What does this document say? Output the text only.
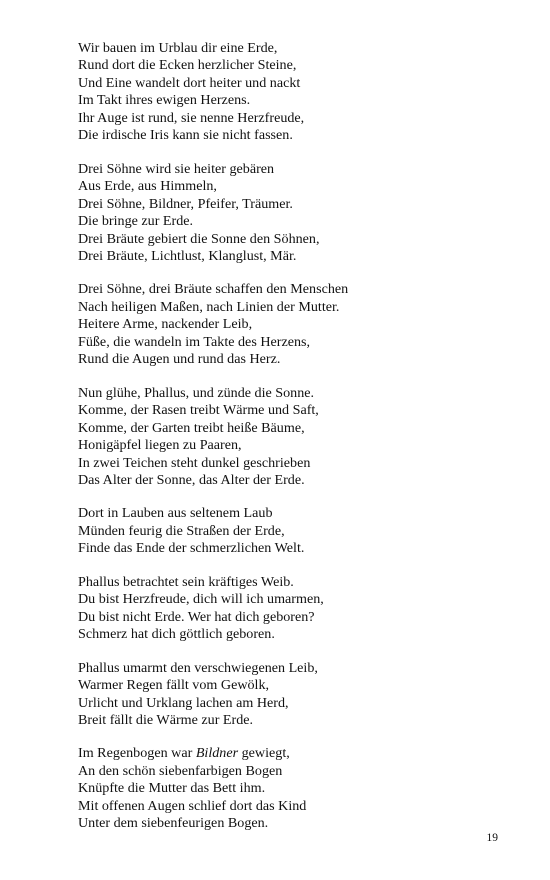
Wir bauen im Urblau dir eine Erde,
Rund dort die Ecken herzlicher Steine,
Und Eine wandelt dort heiter und nackt
Im Takt ihres ewigen Herzens.
Ihr Auge ist rund, sie nenne Herzfreude,
Die irdische Iris kann sie nicht fassen.
Drei Söhne wird sie heiter gebären
Aus Erde, aus Himmeln,
Drei Söhne, Bildner, Pfeifer, Träumer.
Die bringe zur Erde.
Drei Bräute gebiert die Sonne den Söhnen,
Drei Bräute, Lichtlust, Klanglust, Mär.
Drei Söhne, drei Bräute schaffen den Menschen
Nach heiligen Maßen, nach Linien der Mutter.
Heitere Arme, nackender Leib,
Füße, die wandeln im Takte des Herzens,
Rund die Augen und rund das Herz.
Nun glühe, Phallus, und zünde die Sonne.
Komme, der Rasen treibt Wärme und Saft,
Komme, der Garten treibt heiße Bäume,
Honigäpfel liegen zu Paaren,
In zwei Teichen steht dunkel geschrieben
Das Alter der Sonne, das Alter der Erde.
Dort in Lauben aus seltenem Laub
Münden feurig die Straßen der Erde,
Finde das Ende der schmerzlichen Welt.
Phallus betrachtet sein kräftiges Weib.
Du bist Herzfreude, dich will ich umarmen,
Du bist nicht Erde. Wer hat dich geboren?
Schmerz hat dich göttlich geboren.
Phallus umarmt den verschwiegenen Leib,
Warmer Regen fällt vom Gewölk,
Urlicht und Urklang lachen am Herd,
Breit fällt die Wärme zur Erde.
Im Regenbogen war Bildner gewiegt,
An den schön siebenfarbigen Bogen
Knüpfte die Mutter das Bett ihm.
Mit offenen Augen schlief dort das Kind
Unter dem siebenfeurigen Bogen.
19
